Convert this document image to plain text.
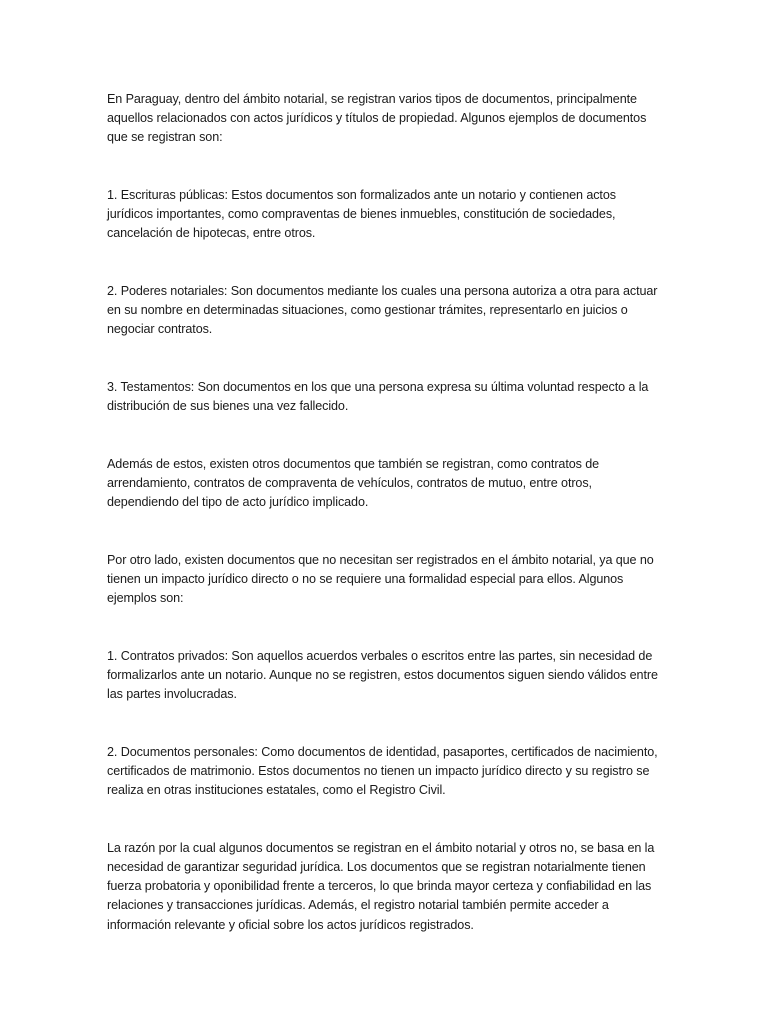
En Paraguay, dentro del ámbito notarial, se registran varios tipos de documentos, principalmente aquellos relacionados con actos jurídicos y títulos de propiedad. Algunos ejemplos de documentos que se registran son:

1. Escrituras públicas: Estos documentos son formalizados ante un notario y contienen actos jurídicos importantes, como compraventas de bienes inmuebles, constitución de sociedades, cancelación de hipotecas, entre otros.

2. Poderes notariales: Son documentos mediante los cuales una persona autoriza a otra para actuar en su nombre en determinadas situaciones, como gestionar trámites, representarlo en juicios o negociar contratos.

3. Testamentos: Son documentos en los que una persona expresa su última voluntad respecto a la distribución de sus bienes una vez fallecido.

Además de estos, existen otros documentos que también se registran, como contratos de arrendamiento, contratos de compraventa de vehículos, contratos de mutuo, entre otros, dependiendo del tipo de acto jurídico implicado.

Por otro lado, existen documentos que no necesitan ser registrados en el ámbito notarial, ya que no tienen un impacto jurídico directo o no se requiere una formalidad especial para ellos. Algunos ejemplos son:

1. Contratos privados: Son aquellos acuerdos verbales o escritos entre las partes, sin necesidad de formalizarlos ante un notario. Aunque no se registren, estos documentos siguen siendo válidos entre las partes involucradas.

2. Documentos personales: Como documentos de identidad, pasaportes, certificados de nacimiento, certificados de matrimonio. Estos documentos no tienen un impacto jurídico directo y su registro se realiza en otras instituciones estatales, como el Registro Civil.

La razón por la cual algunos documentos se registran en el ámbito notarial y otros no, se basa en la necesidad de garantizar seguridad jurídica. Los documentos que se registran notarialmente tienen fuerza probatoria y oponibilidad frente a terceros, lo que brinda mayor certeza y confiabilidad en las relaciones y transacciones jurídicas. Además, el registro notarial también permite acceder a información relevante y oficial sobre los actos jurídicos registrados.
